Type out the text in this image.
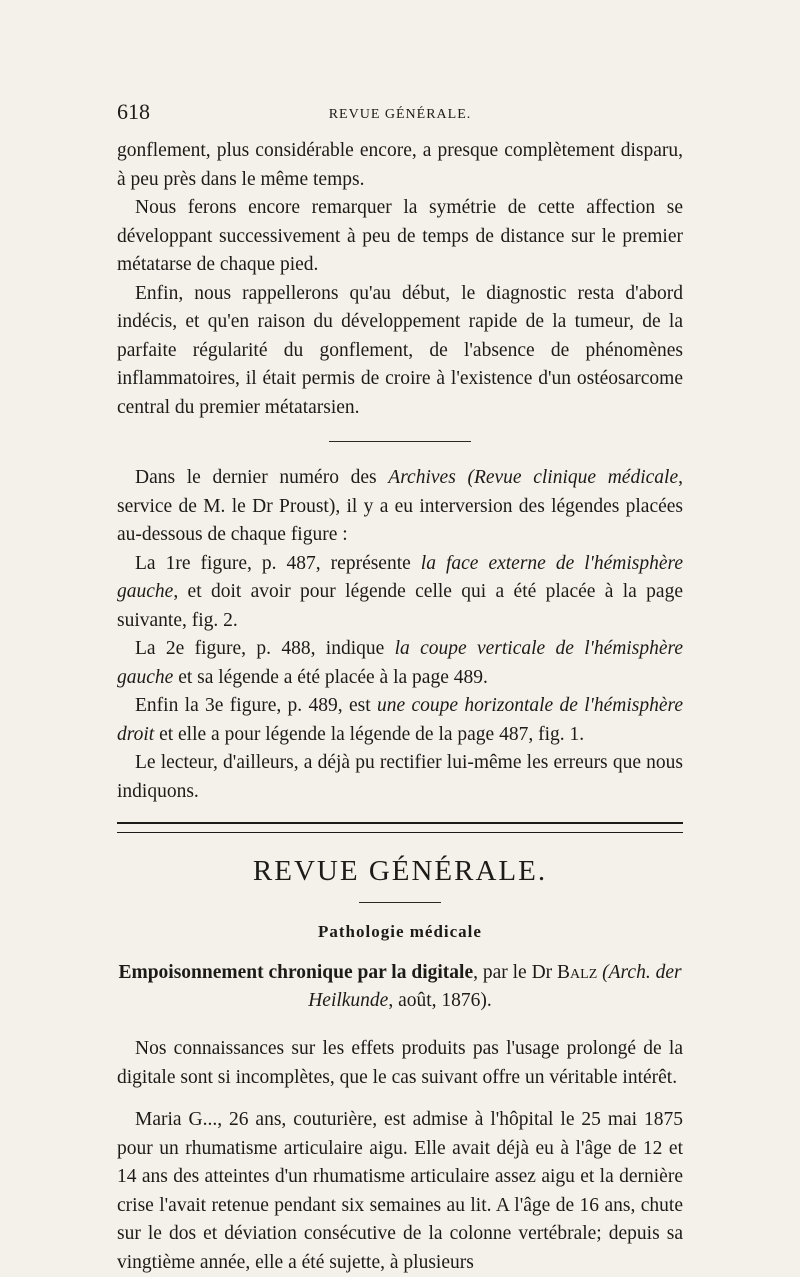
618	REVUE GÉNÉRALE.

gonflement, plus considérable encore, a presque complètement disparu, à peu près dans le même temps.

Nous ferons encore remarquer la symétrie de cette affection se développant successivement à peu de temps de distance sur le premier métatarse de chaque pied.

Enfin, nous rappellerons qu'au début, le diagnostic resta d'abord indécis, et qu'en raison du développement rapide de la tumeur, de la parfaite régularité du gonflement, de l'absence de phénomènes inflammatoires, il était permis de croire à l'existence d'un ostéosarcome central du premier métatarsien.

Dans le dernier numéro des Archives (Revue clinique médicale, service de M. le Dr Proust), il y a eu interversion des légendes placées au-dessous de chaque figure :

La 1re figure, p. 487, représente la face externe de l'hémisphère gauche, et doit avoir pour légende celle qui a été placée à la page suivante, fig. 2.

La 2e figure, p. 488, indique la coupe verticale de l'hémisphère gauche et sa légende a été placée à la page 489.

Enfin la 3e figure, p. 489, est une coupe horizontale de l'hémisphère droit et elle a pour légende la légende de la page 487, fig. 1.

Le lecteur, d'ailleurs, a déjà pu rectifier lui-même les erreurs que nous indiquons.

REVUE GÉNÉRALE.
Pathologie médicale
Empoisonnement chronique par la digitale, par le Dr Balz (Arch. der Heilkunde, août, 1876).

Nos connaissances sur les effets produits pas l'usage prolongé de la digitale sont si incomplètes, que le cas suivant offre un véritable intérêt.

Maria G..., 26 ans, couturière, est admise à l'hôpital le 25 mai 1875 pour un rhumatisme articulaire aigu. Elle avait déjà eu à l'âge de 12 et 14 ans des atteintes d'un rhumatisme articulaire assez aigu et la dernière crise l'avait retenue pendant six semaines au lit. A l'âge de 16 ans, chute sur le dos et déviation consécutive de la colonne vertébrale; depuis sa vingtième année, elle a été sujette, à plusieurs
